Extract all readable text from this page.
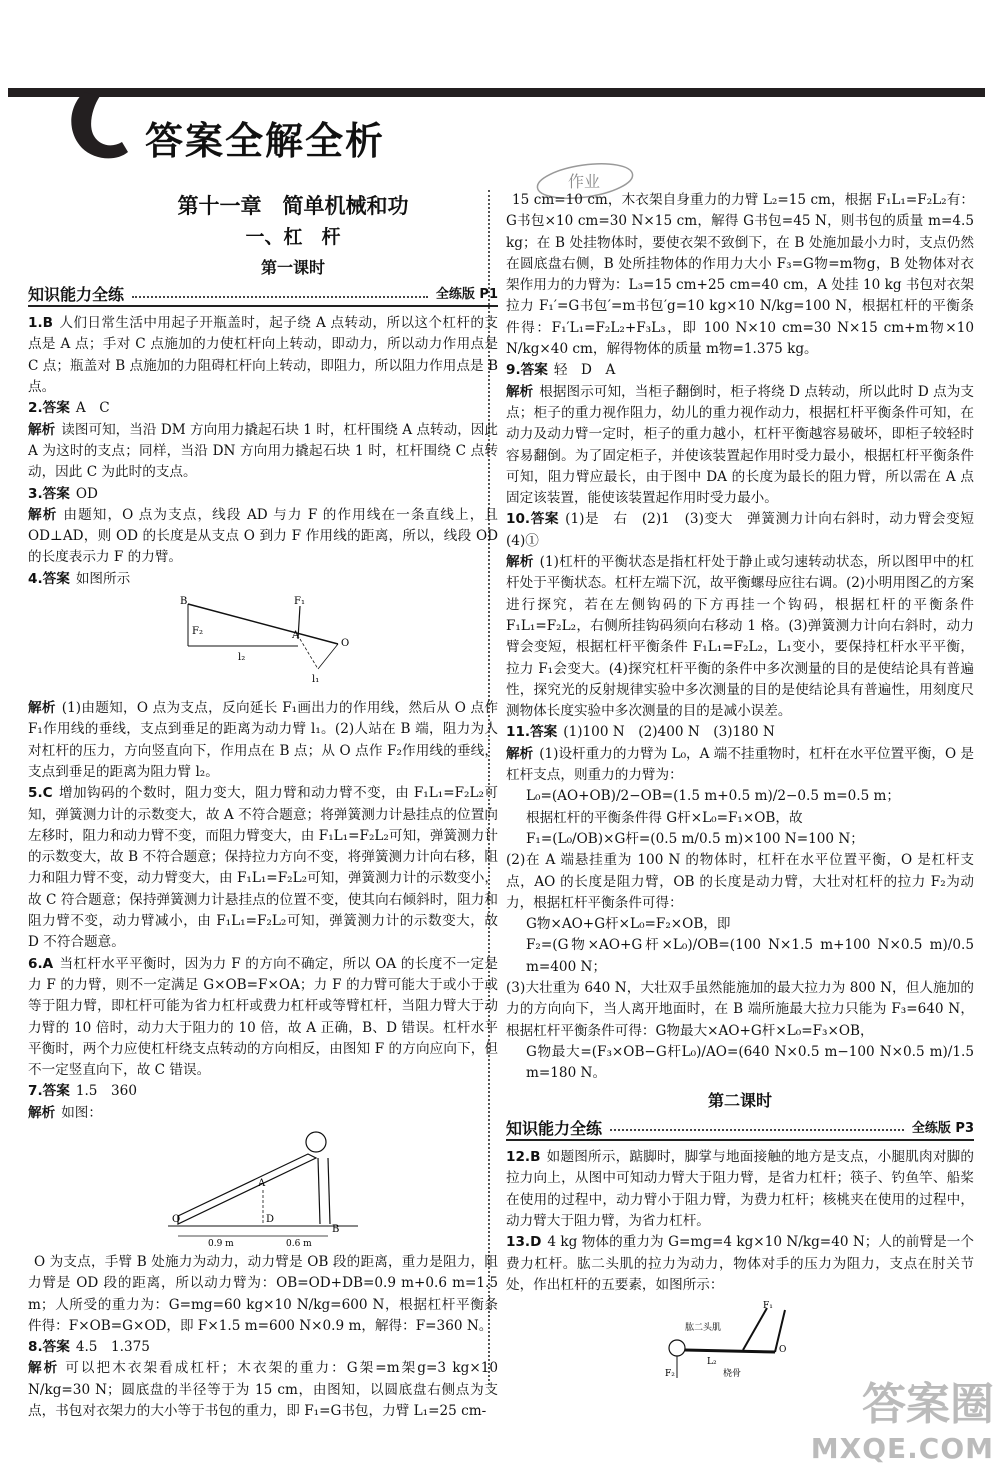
答案全解全析
作业
第十一章　简单机械和功
一、杠　杆
第一课时
知识能力全练	全练版 P1

1.B 人们日常生活中用起子开瓶盖时，起子绕 A 点转动，所以这个杠杆的支点是 A 点；手对 C 点施加的力使杠杆向上转动，即动力，所以动力作用点是 C 点；瓶盖对 B 点施加的力阻碍杠杆向上转动，即阻力，所以阻力作用点是 B 点。

2.答案 A　C

解析 读图可知，当沿 DM 方向用力撬起石块 1 时，杠杆围绕 A 点转动，因此 A 为这时的支点；同样，当沿 DN 方向用力撬起石块 1 时，杠杆围绕 C 点转动，因此 C 为此时的支点。

3.答案 OD

解析 由题知，O 点为支点，线段 AD 与力 F 的作用线在一条直线上，且 OD⊥AD，则 OD 的长度是从支点 O 到力 F 作用线的距离，所以，线段 OD 的长度表示力 F 的力臂。

4.答案 如图所示

B	F₁
F₂	A
O
l₁
l₂

解析 (1)由题知，O 点为支点，反向延长 F₁画出力的作用线，然后从 O 点作 F₁作用线的垂线，支点到垂足的距离为动力臂 l₁。(2)人站在 B 端，阻力为人对杠杆的压力，方向竖直向下，作用点在 B 点；从 O 点作 F₂作用线的垂线，支点到垂足的距离为阻力臂 l₂。

5.C 增加钩码的个数时，阻力变大，阻力臂和动力臂不变，由 F₁L₁=F₂L₂可知，弹簧测力计的示数变大，故 A 不符合题意；将弹簧测力计悬挂点的位置向左移时，阻力和动力臂不变，而阻力臂变大，由 F₁L₁=F₂L₂可知，弹簧测力计的示数变大，故 B 不符合题意；保持拉力方向不变，将弹簧测力计向右移，阻力和阻力臂不变，动力臂变大，由 F₁L₁=F₂L₂可知，弹簧测力计的示数变小，故 C 符合题意；保持弹簧测力计悬挂点的位置不变，使其向右倾斜时，阻力和阻力臂不变，动力臂减小，由 F₁L₁=F₂L₂可知，弹簧测力计的示数变大，故 D 不符合题意。

6.A 当杠杆水平平衡时，因为力 F 的方向不确定，所以 OA 的长度不一定是力 F 的力臂，则不一定满足 G×OB=F×OA；力 F 的力臂可能大于或小于或等于阻力臂，即杠杆可能为省力杠杆或费力杠杆或等臂杠杆，当阻力臂大于动力臂的 10 倍时，动力大于阻力的 10 倍，故 A 正确，B、D 错误。杠杆水平平衡时，两个力应使杠杆绕支点转动的方向相反，由图知 F 的方向应向下，但不一定竖直向下，故 C 错误。

7.答案 1.5　360

解析 如图：

A
D
O
B
0.9 m	0.6 m

O 为支点，手臂 B 处施力为动力，动力臂是 OB 段的距离，重力是阻力，阻力臂是 OD 段的距离，所以动力臂为：OB=OD+DB=0.9 m+0.6 m=1.5 m；人所受的重力为：G=mg=60 kg×10 N/kg=600 N，根据杠杆平衡条件得：F×OB=G×OD，即 F×1.5 m=600 N×0.9 m，解得：F=360 N。

8.答案 4.5　1.375

解析 可以把木衣架看成杠杆；木衣架的重力：G架=m架g=3 kg×10 N/kg=30 N；圆底盘的半径等于为 15 cm，由图知，以圆底盘右侧点为支点，书包对衣架力的大小等于书包的重力，即 F₁=G书包，力臂 L₁=25 cm-

15 cm=10 cm，木衣架自身重力的力臂 L₂=15 cm，根据 F₁L₁=F₂L₂有：G书包×10 cm=30 N×15 cm，解得 G书包=45 N，则书包的质量 m=4.5 kg；在 B 处挂物体时，要使衣架不致倒下，在 B 处施加最小力时，支点仍然在圆底盘右侧，B 处所挂物体的作用力大小 F₃=G物=m物g，B 处物体对衣架作用力的力臂为：L₃=15 cm+25 cm=40 cm，A 处挂 10 kg 书包对衣架拉力 F₁′=G书包′=m书包′g=10 kg×10 N/kg=100 N，根据杠杆的平衡条件得：F₁′L₁=F₂L₂+F₃L₃，即 100 N×10 cm=30 N×15 cm+m物×10 N/kg×40 cm，解得物体的质量 m物=1.375 kg。

9.答案 轻　D　A

解析 根据图示可知，当柜子翻倒时，柜子将绕 D 点转动，所以此时 D 点为支点；柜子的重力视作阻力，幼儿的重力视作动力，根据杠杆平衡条件可知，在动力及动力臂一定时，柜子的重力越小，杠杆平衡越容易破坏，即柜子较轻时容易翻倒。为了固定柜子，并使该装置起作用时受力最小，根据杠杆平衡条件可知，阻力臂应最长，由于图中 DA 的长度为最长的阻力臂，所以需在 A 点固定该装置，能使该装置起作用时受力最小。

10.答案 (1)是　右　(2)1　(3)变大　弹簧测力计向右斜时，动力臂会变短　(4)①

解析 (1)杠杆的平衡状态是指杠杆处于静止或匀速转动状态，所以图甲中的杠杆处于平衡状态。杠杆左端下沉，故平衡螺母应往右调。(2)小明用图乙的方案进行探究，若在左侧钩码的下方再挂一个钩码，根据杠杆的平衡条件 F₁L₁=F₂L₂，右侧所挂钩码须向右移动 1 格。(3)弹簧测力计向右斜时，动力臂会变短，根据杠杆平衡条件 F₁L₁=F₂L₂，L₁变小，要保持杠杆水平平衡，拉力 F₁会变大。(4)探究杠杆平衡的条件中多次测量的目的是使结论具有普遍性，探究光的反射规律实验中多次测量的目的是使结论具有普遍性，用刻度尺测物体长度实验中多次测量的目的是减小误差。

11.答案 (1)100 N　(2)400 N　(3)180 N

解析 (1)设杆重力的力臂为 L₀，A 端不挂重物时，杠杆在水平位置平衡，O 是杠杆支点，则重力的力臂为：

L₀=(AO+OB)/2−OB=(1.5 m+0.5 m)/2−0.5 m=0.5 m；

根据杠杆的平衡条件得 G杆×L₀=F₁×OB，故

F₁=(L₀/OB)×G杆=(0.5 m/0.5 m)×100 N=100 N；

(2)在 A 端悬挂重为 100 N 的物体时，杠杆在水平位置平衡，O 是杠杆支点，AO 的长度是阻力臂，OB 的长度是动力臂，大壮对杠杆的拉力 F₂为动力，根据杠杆平衡条件可得：

G物×AO+G杆×L₀=F₂×OB，即

F₂=(G物×AO+G杆×L₀)/OB=(100 N×1.5 m+100 N×0.5 m)/0.5 m=400 N；

(3)大壮重为 640 N，大壮双手虽然能施加的最大拉力为 800 N，但人施加的力的方向向下，当人离开地面时，在 B 端所施最大拉力只能为 F₃=640 N，根据杠杆平衡条件可得：G物最大×AO+G杆×L₀=F₃×OB，

G物最大=(F₃×OB−G杆L₀)/AO=(640 N×0.5 m−100 N×0.5 m)/1.5 m=180 N。

第二课时
知识能力全练	全练版 P3

12.B 如题图所示，踮脚时，脚掌与地面接触的地方是支点，小腿肌肉对脚的拉力向上，从图中可知动力臂大于阻力臂，是省力杠杆；筷子、钓鱼竿、船桨在使用的过程中，动力臂小于阻力臂，为费力杠杆；核桃夹在使用的过程中，动力臂大于阻力臂，为省力杠杆。

13.D 4 kg 物体的重力为 G=mg=4 kg×10 N/kg=40 N；人的前臂是一个费力杠杆。肱二头肌的拉力为动力，物体对手的压力为阻力，支点在肘关节处，作出杠杆的五要素，如图所示：

F₁
肱二头肌
O
L₂
桡骨
F₂
答案圈
MXQE.COM
